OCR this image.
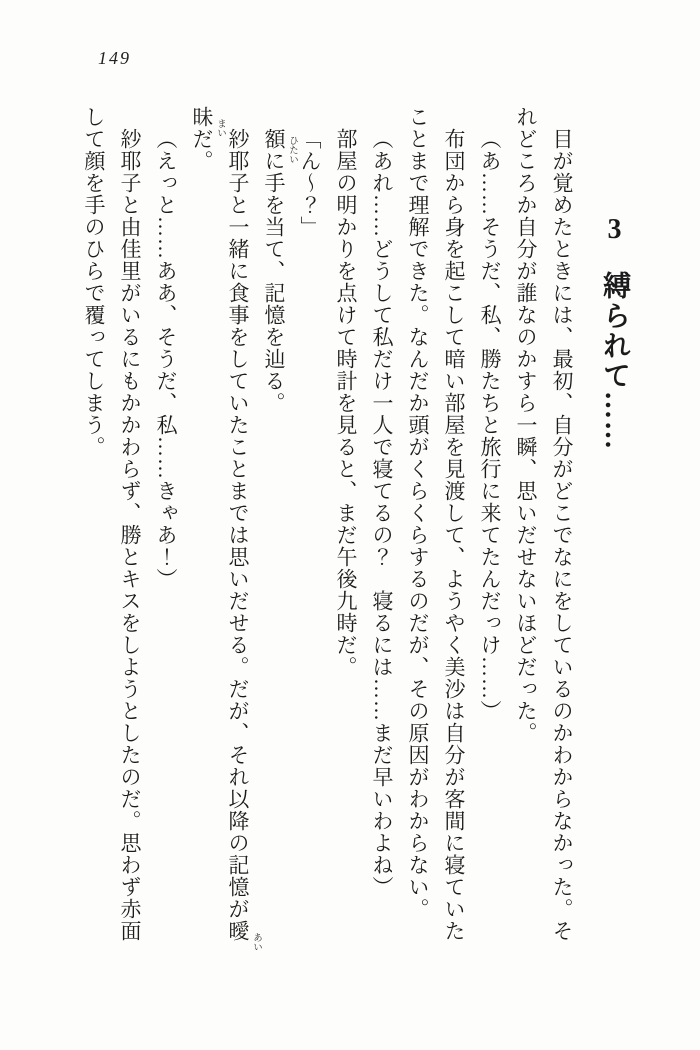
149
3縛られて……

目が覚めたときには、最初、自分がどこでなにをしているのかわからなかった。それどころか自分が誰なのかすら一瞬、思いだせないほどだった。

（あ……そうだ、私、勝たちと旅行に来てたんだっけ……）

布団から身を起こして暗い部屋を見渡して、ようやく美沙は自分が客間に寝ていたことまで理解できた。なんだか頭がくらくらするのだが、その原因がわからない。

（あれ……どうして私だけ一人で寝てるの？　寝るには……まだ早いわよね）

部屋の明かりを点けて時計を見ると、まだ午後九時だ。

「ん〜？」

額 ひたい
に手を当て、記憶を辿る。

紗耶子と一緒に食事をしていたことまでは思いだせる。だが、それ以降の記憶が曖 あい
昧 まい
だ。

（えっと……ああ、そうだ、私……きゃあ！）

紗耶子と由佳里がいるにもかかわらず、勝とキスをしようとしたのだ。思わず赤面して顔を手のひらで覆ってしまう。
